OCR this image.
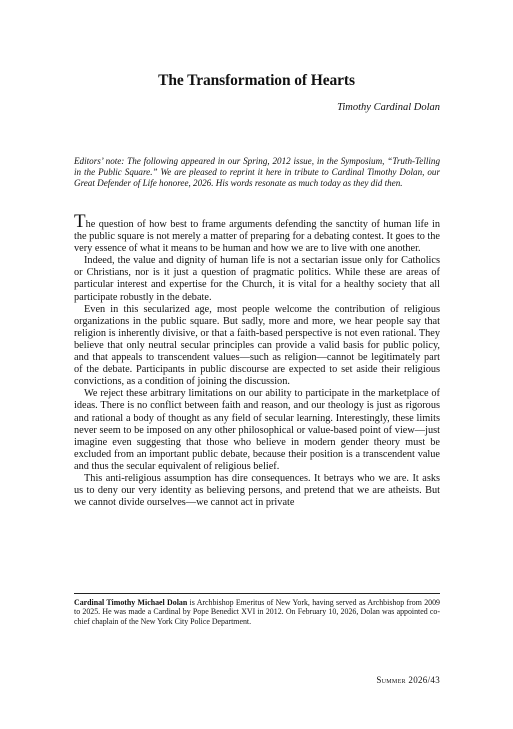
The Transformation of Hearts
Timothy Cardinal Dolan
Editors’ note: The following appeared in our Spring, 2012 issue, in the Symposium, “Truth-Telling in the Public Square.” We are pleased to reprint it here in tribute to Cardinal Timothy Dolan, our Great Defender of Life honoree, 2026. His words resonate as much today as they did then.

The question of how best to frame arguments defending the sanctity of human life in the public square is not merely a matter of preparing for a debating contest. It goes to the very essence of what it means to be human and how we are to live with one another.

Indeed, the value and dignity of human life is not a sectarian issue only for Catholics or Christians, nor is it just a question of pragmatic politics. While these are areas of particular interest and expertise for the Church, it is vital for a healthy society that all participate robustly in the debate.

Even in this secularized age, most people welcome the contribution of religious organizations in the public square. But sadly, more and more, we hear people say that religion is inherently divisive, or that a faith-based perspective is not even rational. They believe that only neutral secular principles can provide a valid basis for public policy, and that appeals to transcendent values—such as religion—cannot be legitimately part of the debate. Participants in public discourse are expected to set aside their religious convictions, as a condition of joining the discussion.

We reject these arbitrary limitations on our ability to participate in the marketplace of ideas. There is no conflict between faith and reason, and our theology is just as rigorous and rational a body of thought as any field of secular learning. Interestingly, these limits never seem to be imposed on any other philosophical or value-based point of view—just imagine even suggesting that those who believe in modern gender theory must be excluded from an important public debate, because their position is a transcendent value and thus the secular equivalent of religious belief.

This anti-religious assumption has dire consequences. It betrays who we are. It asks us to deny our very identity as believing persons, and pretend that we are atheists. But we cannot divide ourselves—we cannot act in private

Cardinal Timothy Michael Dolan is Archbishop Emeritus of New York, having served as Archbishop from 2009 to 2025. He was made a Cardinal by Pope Benedict XVI in 2012. On February 10, 2026, Dolan was appointed co-chief chaplain of the New York City Police Department.
Summer 2026/43
